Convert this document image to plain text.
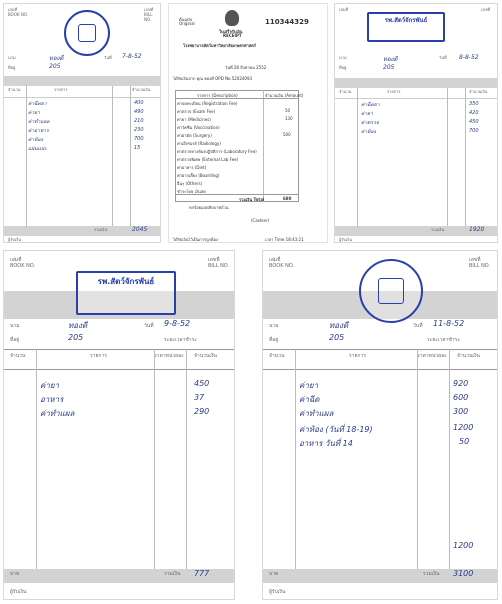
เล่มที่
BOOK NO.
เลขที่
BILL NO.
นาม	ทองดี	วันที่ 7-8-52
ที่อยู่	205
จำนวน	รายการ	จำนวนเงิน
ค่าฉีดยา	400
ค่ายา	490
ค่าทำแผล	210
ค่าอาหาร	230
ค่าห้อง	700
แผ่นแปะ	15
รวมเงิน	2045
ผู้รับเงิน
ต้นฉบับ
Original
ใบเสร็จรับเงิน
RECEIPT
110344329
โรงพยาบาลสัตว์มหาวิทยาลัยเกษตรศาสตร์
วันที่ 28 สิงหาคม 2552
ได้รับเงินจาก คุณ ทองดี OPD No.52024093
รายการ (Description)	จำนวนเงิน (Amount)
ค่าจดทะเบียน (Registration Fee)
ค่าตรวจ (Exam Fee)	50
ค่ายา (Medicines)	130
ค่าวัคซีน (Vaccination)
ค่าผ่าตัด (Surgery)	500
ค่าเอ็กซเรย์ (Radiology)
ค่าตรวจทางห้องปฏิบัติการ (Laboratory Fee)
ค่าตรวจพิเศษ (External Lab Fee)
ค่าอาหาร (Diet)
ค่าฝากเลี้ยง (Boarding)
อื่นๆ (Others)
ชำระโดย เงินสด
รวมเงิน Total	680
หกร้อยแปดสิบบาทถ้วน
(Cashier)
ได้รับเงินไว้เป็นการถูกต้อง	เวลา Time 18:43:21
เล่มที่	เลขที่
รพ.สัตว์จักรพันธ์
นาม	ทองดี	วันที่ 8-8-52
ที่อยู่	205
จำนวน	รายการ	จำนวนเงิน
ค่าฉีดยา	350
ค่ายา	420
ค่าตรวจ	450
ค่าห้อง	700
รวมเงิน	1920
ผู้รับเงิน
เล่มที่
BOOK NO.
เลขที่
BILL NO.
รพ.สัตว์จักรพันธ์
นาม	ทองดี	วันที่ 9-8-52
ที่อยู่	205	ระยะเวลาชำระ
จำนวน	รายการ	ราคาหน่วยละ จำนวนเงิน
ค่ายา	450
อาหาร	37
ค่าทำแผล	290
บาท	รวมเงิน 777
ผู้รับเงิน
เล่มที่
BOOK NO.
เลขที่
BILL NO.
นาม	ทองดี	วันที่ 11-8-52
ที่อยู่	205	ระยะเวลาชำระ
จำนวน	รายการ	ราคาหน่วยละ จำนวนเงิน
ค่ายา	920
ค่าฉีด	600
ค่าทำแผล	300
ค่าห้อง (วันที่ 18-19)	1200
อาหาร วันที่ 14	50
1200
บาท	รวมเงิน 3100
ผู้รับเงิน
